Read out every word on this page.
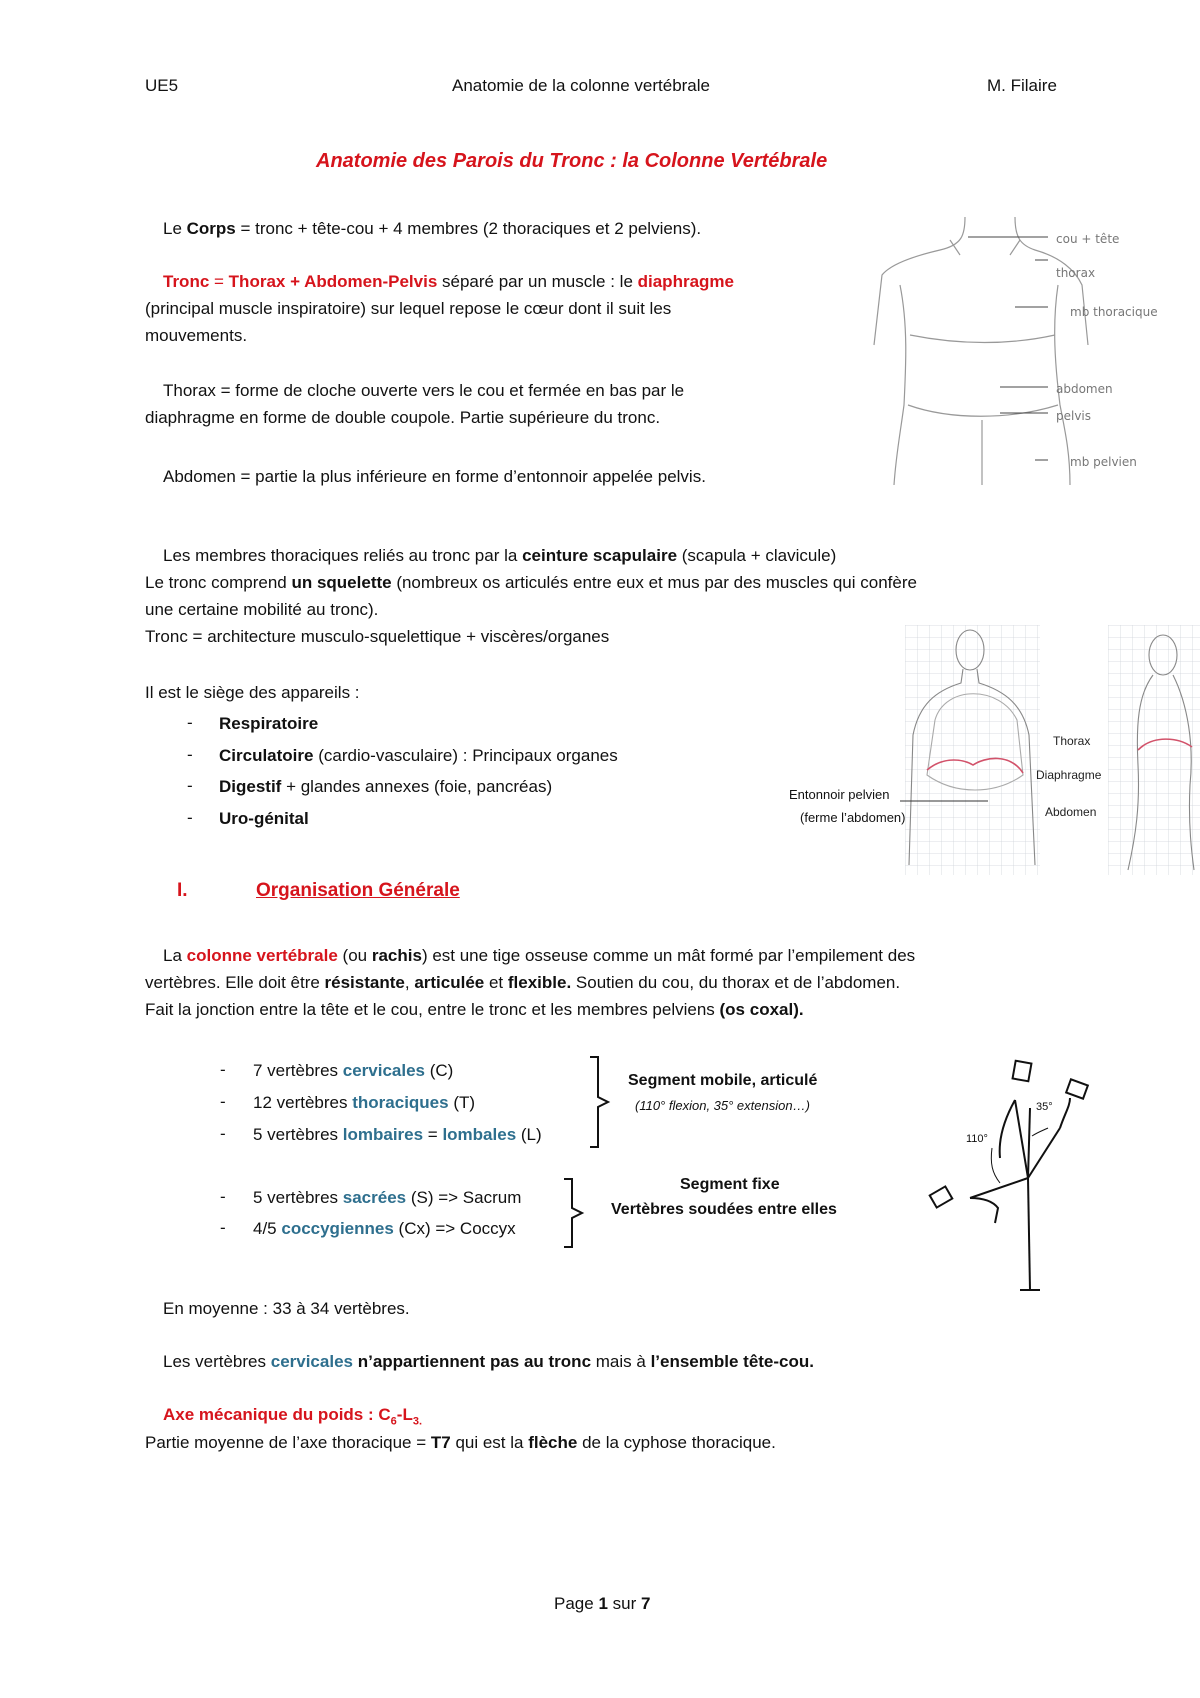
UE5	Anatomie de la colonne vertébrale	M. Filaire
Anatomie des Parois du Tronc : la Colonne Vertébrale
Le Corps = tronc + tête-cou + 4 membres (2 thoraciques et 2 pelviens).
Tronc = Thorax + Abdomen-Pelvis séparé par un muscle : le diaphragme
(principal muscle inspiratoire) sur lequel repose le cœur dont il suit les
mouvements.
Thorax = forme de cloche ouverte vers le cou et fermée en bas par le
diaphragme en forme de double coupole. Partie supérieure du tronc.
Abdomen = partie la plus inférieure en forme d’entonnoir appelée pelvis.
cou + tête
thorax
mb thoracique
abdomen
pelvis
mb pelvien
Les membres thoraciques reliés au tronc par la ceinture scapulaire (scapula + clavicule)
Le tronc comprend un squelette (nombreux os articulés entre eux et mus par des muscles qui confère
une certaine mobilité au tronc).
Tronc = architecture musculo-squelettique + viscères/organes
Il est le siège des appareils :
- Respiratoire
- Circulatoire (cardio-vasculaire) : Principaux organes
- Digestif + glandes annexes (foie, pancréas)
- Uro-génital
Thorax
Diaphragme
Abdomen
Entonnoir pelvien
(ferme l’abdomen)
I.	Organisation Générale
La colonne vertébrale (ou rachis) est une tige osseuse comme un mât formé par l’empilement des
vertèbres. Elle doit être résistante, articulée et flexible. Soutien du cou, du thorax et de l’abdomen.
Fait la jonction entre la tête et le cou, entre le tronc et les membres pelviens (os coxal).
- 7 vertèbres cervicales (C)
- 12 vertèbres thoraciques (T)
- 5 vertèbres lombaires = lombales (L)
Segment mobile, articulé
(110° flexion, 35° extension…)
- 5 vertèbres sacrées (S) => Sacrum
- 4/5 coccygiennes (Cx) => Coccyx
Segment fixe
Vertèbres soudées entre elles
110°
35°
En moyenne : 33 à 34 vertèbres.
Les vertèbres cervicales n’appartiennent pas au tronc mais à l’ensemble tête-cou.
Axe mécanique du poids : $C_6-L_{3.}$
Partie moyenne de l’axe thoracique = T7 qui est la flèche de la cyphose thoracique.
Page 1 sur 7
